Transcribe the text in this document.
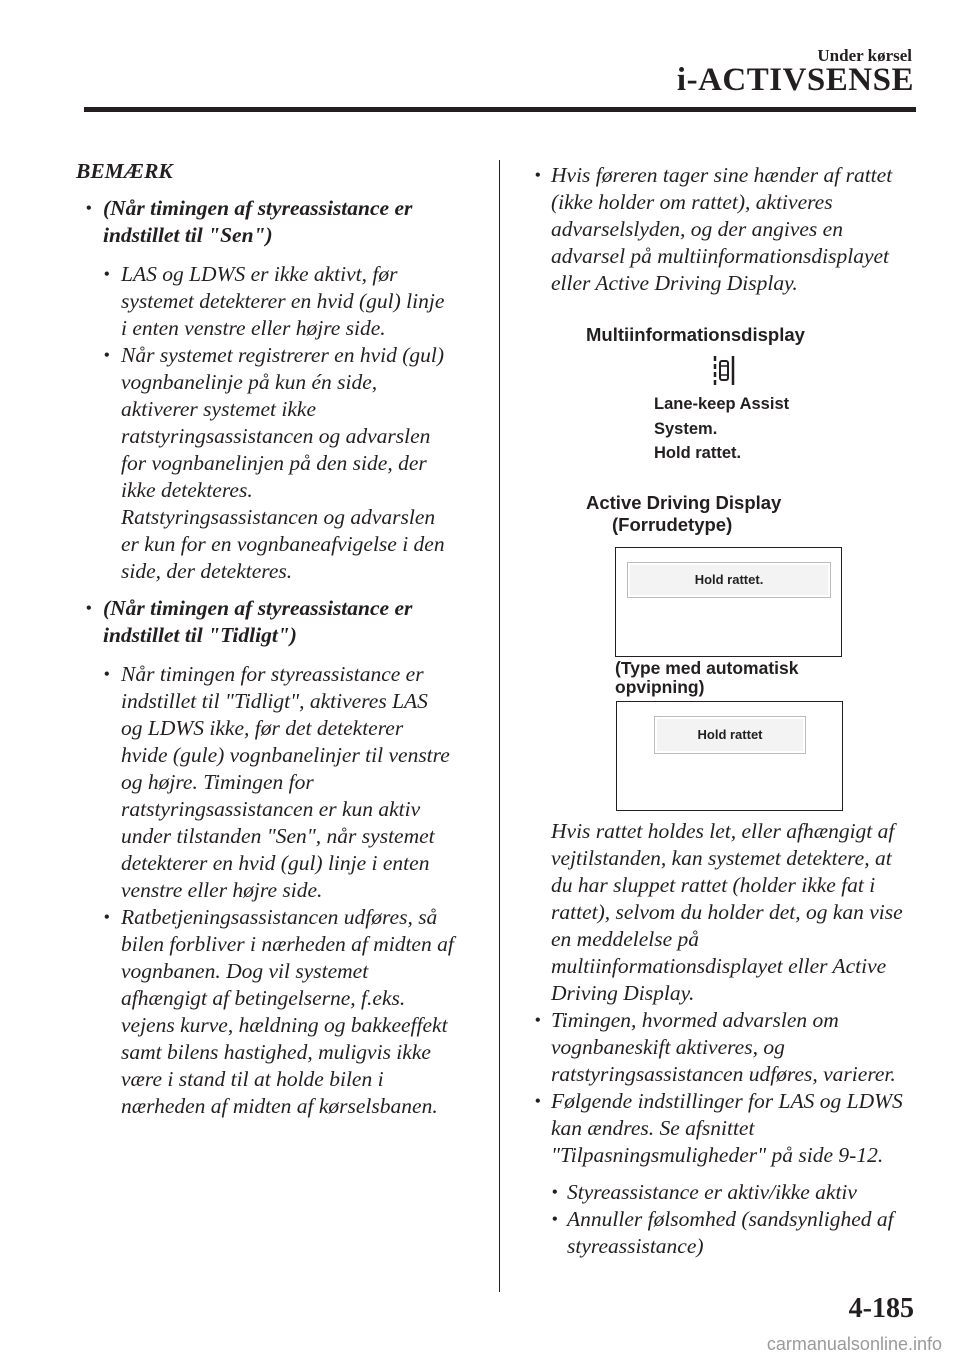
Under kørsel
i-ACTIVSENSE
BEMÆRK
• (Når timingen af styreassistance er
indstillet til "Sen")
• LAS og LDWS er ikke aktivt, før
systemet detekterer en hvid (gul) linje
i enten venstre eller højre side.
• Når systemet registrerer en hvid (gul)
vognbanelinje på kun én side,
aktiverer systemet ikke
ratstyringsassistancen og advarslen
for vognbanelinjen på den side, der
ikke detekteres.
Ratstyringsassistancen og advarslen
er kun for en vognbaneafvigelse i den
side, der detekteres.
• (Når timingen af styreassistance er
indstillet til "Tidligt")
• Når timingen for styreassistance er
indstillet til "Tidligt", aktiveres LAS
og LDWS ikke, før det detekterer
hvide (gule) vognbanelinjer til venstre
og højre. Timingen for
ratstyringsassistancen er kun aktiv
under tilstanden "Sen", når systemet
detekterer en hvid (gul) linje i enten
venstre eller højre side.
• Ratbetjeningsassistancen udføres, så
bilen forbliver i nærheden af midten af
vognbanen. Dog vil systemet
afhængigt af betingelserne, f.eks.
vejens kurve, hældning og bakkeeffekt
samt bilens hastighed, muligvis ikke
være i stand til at holde bilen i
nærheden af midten af kørselsbanen.
• Hvis føreren tager sine hænder af rattet
(ikke holder om rattet), aktiveres
advarselslyden, og der angives en
advarsel på multiinformationsdisplayet
eller Active Driving Display.
Multiinformationsdisplay
Lane-keep Assist
System.
Hold rattet.
Active Driving Display
(Forrudetype)
Hold rattet.
(Type med automatisk
opvipning)
Hold rattet
Hvis rattet holdes let, eller afhængigt af
vejtilstanden, kan systemet detektere, at
du har sluppet rattet (holder ikke fat i
rattet), selvom du holder det, og kan vise
en meddelelse på
multiinformationsdisplayet eller Active
Driving Display.
• Timingen, hvormed advarslen om
vognbaneskift aktiveres, og
ratstyringsassistancen udføres, varierer.
• Følgende indstillinger for LAS og LDWS
kan ændres. Se afsnittet
"Tilpasningsmuligheder" på side 9-12.
• Styreassistance er aktiv/ikke aktiv
• Annuller følsomhed (sandsynlighed af
styreassistance)
4-185
carmanualsonline.info
